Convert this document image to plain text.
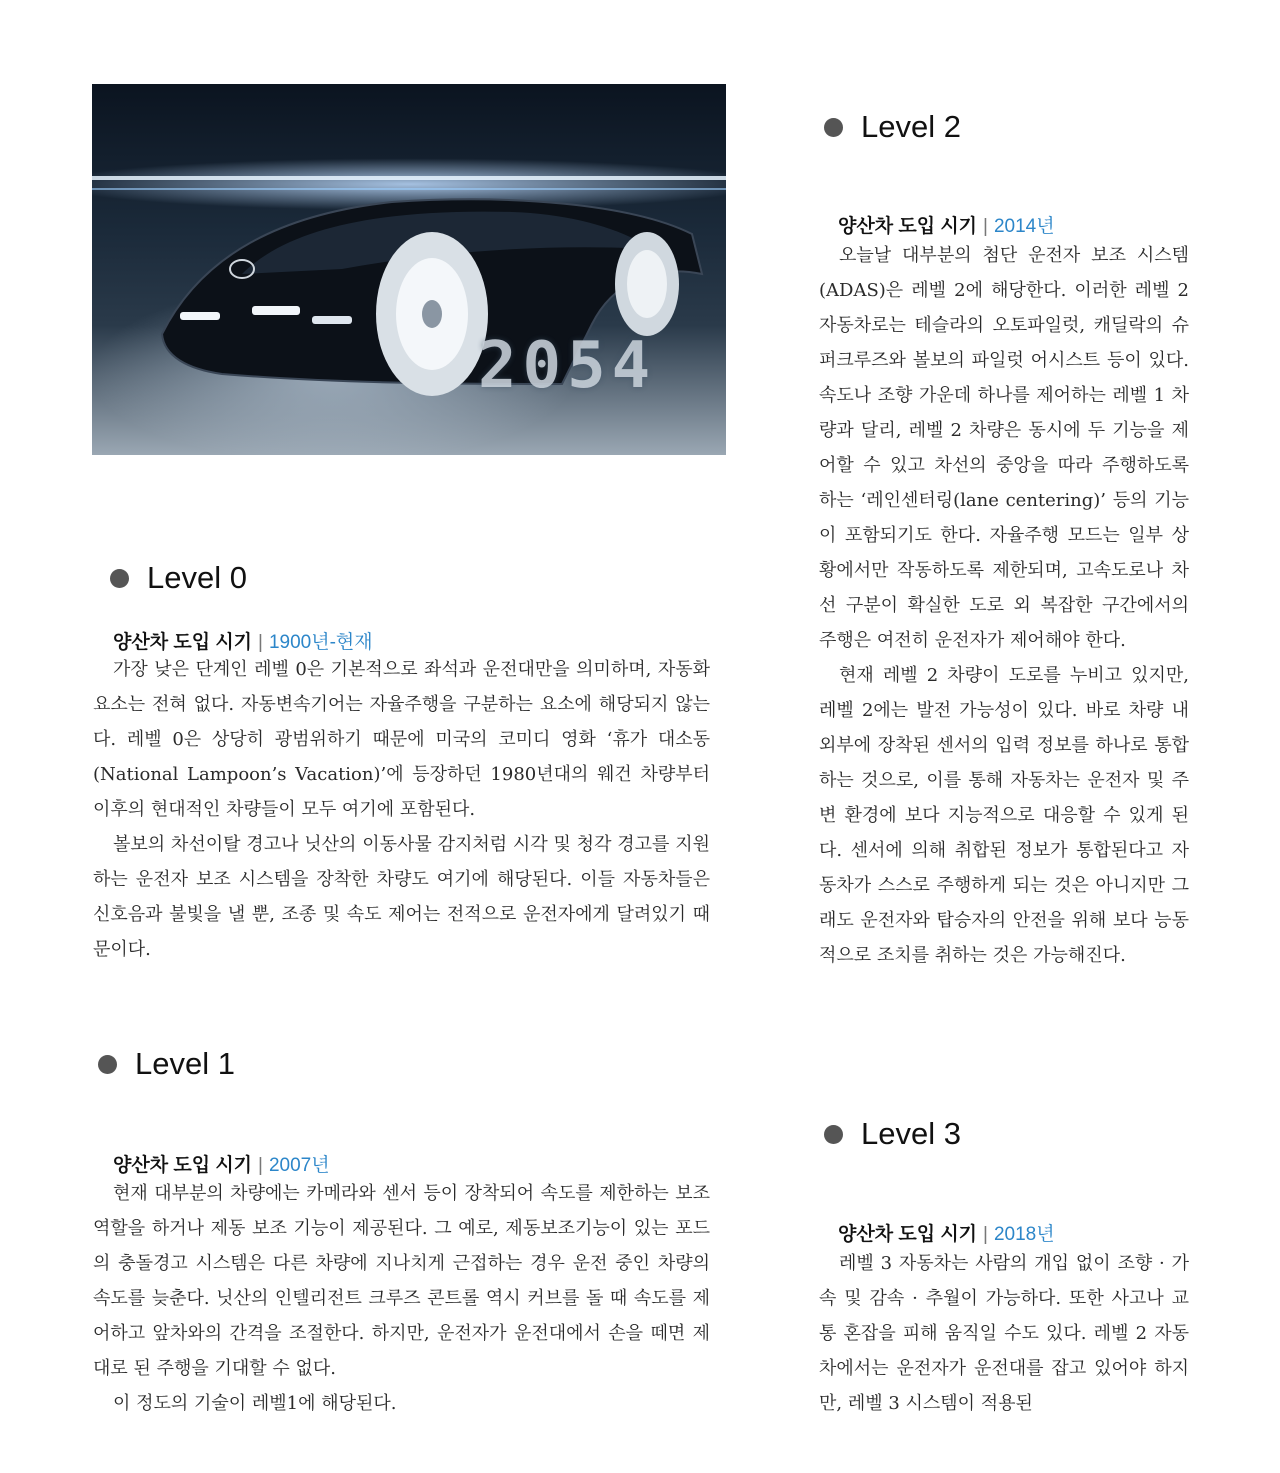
2054
Level 0
양산차 도입 시기 | 1900년-현재

가장 낮은 단계인 레벨 0은 기본적으로 좌석과 운전대만을 의미하며, 자동화 요소는 전혀 없다. 자동변속기어는 자율주행을 구분하는 요소에 해당되지 않는다. 레벨 0은 상당히 광범위하기 때문에 미국의 코미디 영화 ‘휴가 대소동(National Lampoon’s Vacation)’에 등장하던 1980년대의 웨건 차량부터 이후의 현대적인 차량들이 모두 여기에 포함된다.

볼보의 차선이탈 경고나 닛산의 이동사물 감지처럼 시각 및 청각 경고를 지원하는 운전자 보조 시스템을 장착한 차량도 여기에 해당된다. 이들 자동차들은 신호음과 불빛을 낼 뿐, 조종 및 속도 제어는 전적으로 운전자에게 달려있기 때문이다.

Level 1
양산차 도입 시기 | 2007년

현재 대부분의 차량에는 카메라와 센서 등이 장착되어 속도를 제한하는 보조 역할을 하거나 제동 보조 기능이 제공된다. 그 예로, 제동보조기능이 있는 포드의 충돌경고 시스템은 다른 차량에 지나치게 근접하는 경우 운전 중인 차량의 속도를 늦춘다. 닛산의 인텔리전트 크루즈 콘트롤 역시 커브를 돌 때 속도를 제어하고 앞차와의 간격을 조절한다. 하지만, 운전자가 운전대에서 손을 떼면 제대로 된 주행을 기대할 수 없다.

이 정도의 기술이 레벨1에 해당된다.

Level 2
양산차 도입 시기 | 2014년

오늘날 대부분의 첨단 운전자 보조 시스템(ADAS)은 레벨 2에 해당한다. 이러한 레벨 2 자동차로는 테슬라의 오토파일럿, 캐딜락의 슈퍼크루즈와 볼보의 파일럿 어시스트 등이 있다. 속도나 조향 가운데 하나를 제어하는 레벨 1 차량과 달리, 레벨 2 차량은 동시에 두 기능을 제어할 수 있고 차선의 중앙을 따라 주행하도록 하는 ‘레인센터링(lane centering)’ 등의 기능이 포함되기도 한다. 자율주행 모드는 일부 상황에서만 작동하도록 제한되며, 고속도로나 차선 구분이 확실한 도로 외 복잡한 구간에서의 주행은 여전히 운전자가 제어해야 한다.

현재 레벨 2 차량이 도로를 누비고 있지만, 레벨 2에는 발전 가능성이 있다. 바로 차량 내외부에 장착된 센서의 입력 정보를 하나로 통합하는 것으로, 이를 통해 자동차는 운전자 및 주변 환경에 보다 지능적으로 대응할 수 있게 된다. 센서에 의해 취합된 정보가 통합된다고 자동차가 스스로 주행하게 되는 것은 아니지만 그래도 운전자와 탑승자의 안전을 위해 보다 능동적으로 조치를 취하는 것은 가능해진다.

Level 3
양산차 도입 시기 | 2018년

레벨 3 자동차는 사람의 개입 없이 조향 · 가속 및 감속 · 추월이 가능하다. 또한 사고나 교통 혼잡을 피해 움직일 수도 있다. 레벨 2 자동차에서는 운전자가 운전대를 잡고 있어야 하지만, 레벨 3 시스템이 적용된
